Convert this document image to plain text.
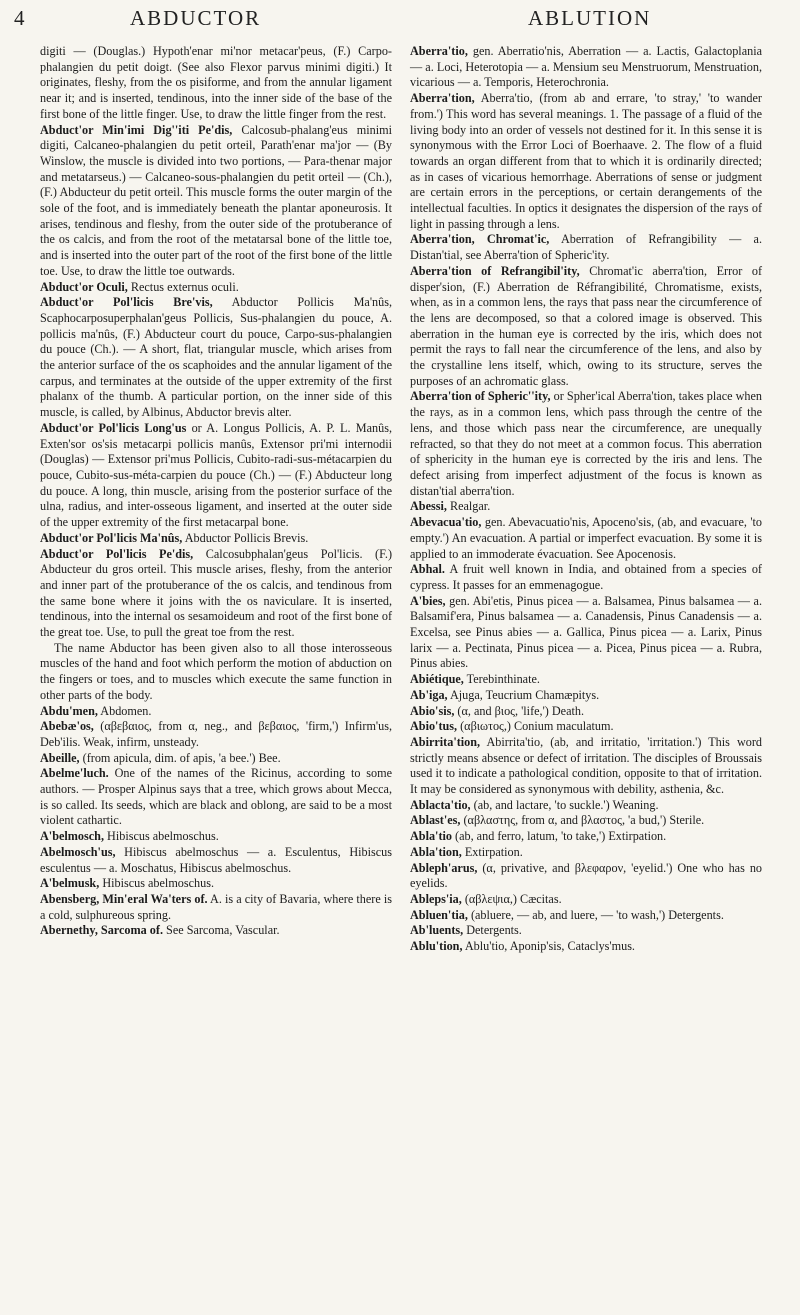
4	ABDUCTOR	ABLUTION
digiti — (Douglas.) Hypoth'enar mi'nor metacar'peus, (F.) Carpo-phalangien du petit doigt. (See also Flexor parvus minimi digiti.) It originates, fleshy, from the os pisiforme, and from the annular ligament near it; and is inserted, tendinous, into the inner side of the base of the first bone of the little finger. Use, to draw the little finger from the rest.
Abduct'or Min'imi Dig''iti Pe'dis, Calcosub-phalang'eus minimi digiti, Calcaneo-phalangien du petit orteil, Parath'enar ma'jor — (By Winslow, the muscle is divided into two portions, — Para-thenar major and metatarseus.) — Calcaneo-sous-phalangien du petit orteil — (Ch.), (F.) Abducteur du petit orteil. This muscle forms the outer margin of the sole of the foot, and is immediately beneath the plantar aponeurosis. It arises, tendinous and fleshy, from the outer side of the protuberance of the os calcis, and from the root of the metatarsal bone of the little toe, and is inserted into the outer part of the root of the first bone of the little toe. Use, to draw the little toe outwards.
Abduct'or Oculi, Rectus externus oculi.
Abduct'or Pol'licis Bre'vis, Abductor Pollicis Ma'nûs, Scaphocarposuperphalan'geus Pollicis, Sus-phalangien du pouce, A. pollicis ma'nûs, (F.) Abducteur court du pouce, Carpo-sus-phalangien du pouce (Ch.). — A short, flat, triangular muscle, which arises from the anterior surface of the os scaphoides and the annular ligament of the carpus, and terminates at the outside of the upper extremity of the first phalanx of the thumb. A particular portion, on the inner side of this muscle, is called, by Albinus, Abductor brevis alter.
Abduct'or Pol'licis Long'us or A. Longus Pollicis, A. P. L. Manûs, Exten'sor os'sis metacarpi pollicis manûs, Extensor pri'mi internodii (Douglas) — Extensor pri'mus Pollicis, Cubito-radi-sus-métacarpien du pouce, Cubito-sus-méta-carpien du pouce (Ch.) — (F.) Abducteur long du pouce. A long, thin muscle, arising from the posterior surface of the ulna, radius, and inter-osseous ligament, and inserted at the outer side of the upper extremity of the first metacarpal bone.
Abduct'or Pol'licis Ma'nûs, Abductor Pollicis Brevis.
Abduct'or Pol'licis Pe'dis, Calcosubphalan'geus Pol'licis. (F.) Abducteur du gros orteil. This muscle arises, fleshy, from the anterior and inner part of the protuberance of the os calcis, and tendinous from the same bone where it joins with the os naviculare. It is inserted, tendinous, into the internal os sesamoideum and root of the first bone of the great toe. Use, to pull the great toe from the rest.
The name Abductor has been given also to all those interosseous muscles of the hand and foot which perform the motion of abduction on the fingers or toes, and to muscles which execute the same function in other parts of the body.
Abdu'men, Abdomen.
Abebæ'os, (αβεβαιος, from α, neg., and βεβαιος, 'firm,') Infirm'us, Deb'ilis. Weak, infirm, unsteady.
Abeille, (from apicula, dim. of apis, 'a bee.') Bee.
Abelme'luch. One of the names of the Ricinus, according to some authors. — Prosper Alpinus says that a tree, which grows about Mecca, is so called. Its seeds, which are black and oblong, are said to be a most violent cathartic.
A'belmosch, Hibiscus abelmoschus.
Abelmosch'us, Hibiscus abelmoschus — a. Esculentus, Hibiscus esculentus — a. Moschatus, Hibiscus abelmoschus.
A'belmusk, Hibiscus abelmoschus.
Abensberg, Min'eral Wa'ters of. A. is a city of Bavaria, where there is a cold, sulphureous spring.
Abernethy, Sarcoma of. See Sarcoma, Vascular.
Aberra'tio, gen. Aberratio'nis, Aberration — a. Lactis, Galactoplania — a. Loci, Heterotopia — a. Mensium seu Menstruorum, Menstruation, vicarious — a. Temporis, Heterochronia.
Aberra'tion, Aberra'tio, (from ab and errare, 'to stray,' 'to wander from.') This word has several meanings. 1. The passage of a fluid of the living body into an order of vessels not destined for it. In this sense it is synonymous with the Error Loci of Boerhaave. 2. The flow of a fluid towards an organ different from that to which it is ordinarily directed; as in cases of vicarious hemorrhage. Aberrations of sense or judgment are certain errors in the perceptions, or certain derangements of the intellectual faculties. In optics it designates the dispersion of the rays of light in passing through a lens.
Aberra'tion, Chromat'ic, Aberration of Refrangibility — a. Distan'tial, see Aberra'tion of Spheric'ity.
Aberra'tion of Refrangibil'ity, Chromat'ic aberra'tion, Error of disper'sion, (F.) Aberration de Réfrangibilité, Chromatisme, exists, when, as in a common lens, the rays that pass near the circumference of the lens are decomposed, so that a colored image is observed. This aberration in the human eye is corrected by the iris, which does not permit the rays to fall near the circumference of the lens, and also by the crystalline lens itself, which, owing to its structure, serves the purposes of an achromatic glass.
Aberra'tion of Spheric''ity, or Spher'ical Aberra'tion, takes place when the rays, as in a common lens, which pass through the centre of the lens, and those which pass near the circumference, are unequally refracted, so that they do not meet at a common focus. This aberration of sphericity in the human eye is corrected by the iris and lens. The defect arising from imperfect adjustment of the focus is known as distan'tial aberra'tion.
Abessi, Realgar.
Abevacua'tio, gen. Abevacuatio'nis, Apoceno'sis, (ab, and evacuare, 'to empty.') An evacuation. A partial or imperfect evacuation. By some it is applied to an immoderate évacuation. See Apocenosis.
Abhal. A fruit well known in India, and obtained from a species of cypress. It passes for an emmenagogue.
A'bies, gen. Abi'etis, Pinus picea — a. Balsamea, Pinus balsamea — a. Balsamif'era, Pinus balsamea — a. Canadensis, Pinus Canadensis — a. Excelsa, see Pinus abies — a. Gallica, Pinus picea — a. Larix, Pinus larix — a. Pectinata, Pinus picea — a. Picea, Pinus picea — a. Rubra, Pinus abies.
Abiétique, Terebinthinate.
Ab'iga, Ajuga, Teucrium Chamæpitys.
Abio'sis, (α, and βιος, 'life,') Death.
Abio'tus, (αβιωτος,) Conium maculatum.
Abirrita'tion, Abirrita'tio, (ab, and irritatio, 'irritation.') This word strictly means absence or defect of irritation. The disciples of Broussais used it to indicate a pathological condition, opposite to that of irritation. It may be considered as synonymous with debility, asthenia, &c.
Ablacta'tio, (ab, and lactare, 'to suckle.') Weaning.
Ablast'es, (αβλαστης, from α, and βλαστος, 'a bud,') Sterile.
Abla'tio (ab, and ferro, latum, 'to take,') Extirpation.
Abla'tion, Extirpation.
Ableph'arus, (α, privative, and βλεφαρον, 'eyelid.') One who has no eyelids.
Ableps'ia, (αβλεψια,) Cæcitas.
Abluen'tia, (abluere, — ab, and luere, — 'to wash,') Detergents.
Ab'luents, Detergents.
Ablu'tion, Ablu'tio, Aponip'sis, Cataclys'mus.
